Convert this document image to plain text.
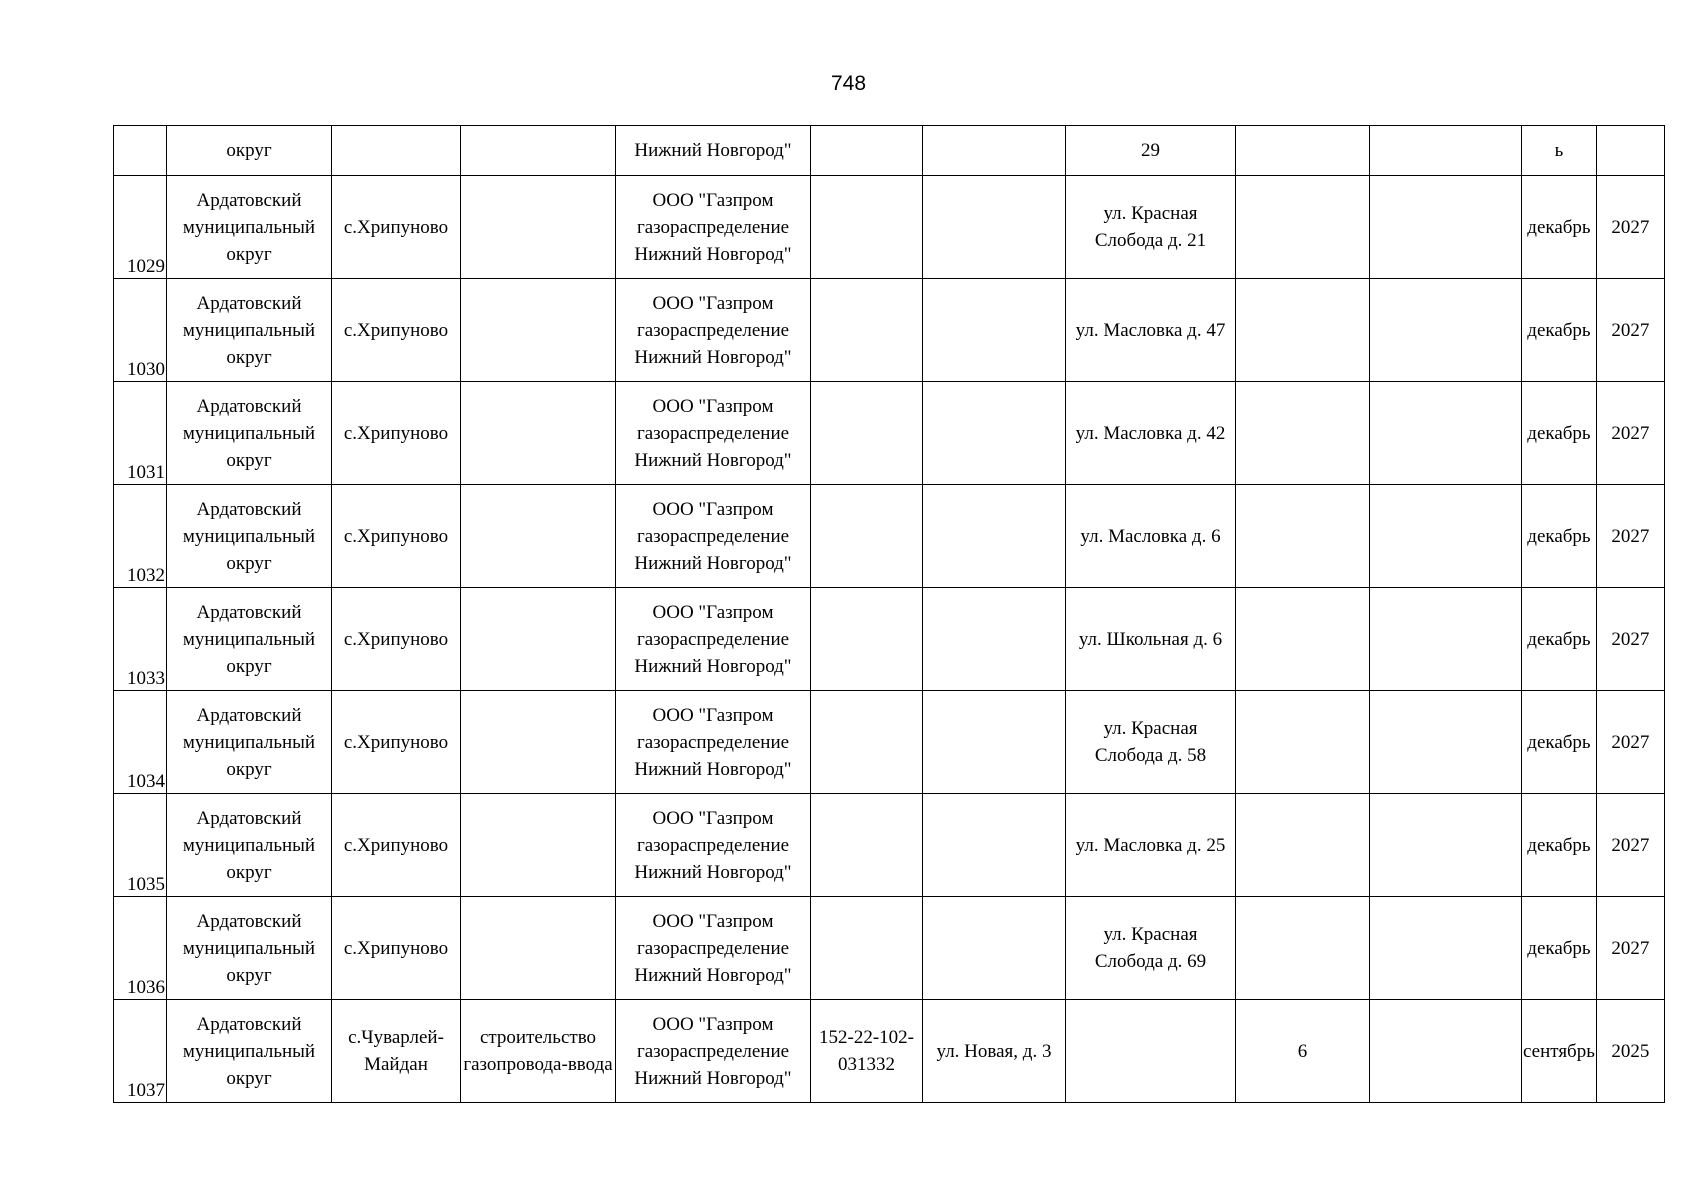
748
	округ			Нижний Новгород"			29			ь	
1029	Ардатовский муниципальный округ	с.Хрипуново		ООО "Газпром газораспределение Нижний Новгород"			ул. Красная Слобода д. 21			декабрь	2027
1030	Ардатовский муниципальный округ	с.Хрипуново		ООО "Газпром газораспределение Нижний Новгород"			ул. Масловка д. 47			декабрь	2027
1031	Ардатовский муниципальный округ	с.Хрипуново		ООО "Газпром газораспределение Нижний Новгород"			ул. Масловка д. 42			декабрь	2027
1032	Ардатовский муниципальный округ	с.Хрипуново		ООО "Газпром газораспределение Нижний Новгород"			ул. Масловка д. 6			декабрь	2027
1033	Ардатовский муниципальный округ	с.Хрипуново		ООО "Газпром газораспределение Нижний Новгород"			ул. Школьная д. 6			декабрь	2027
1034	Ардатовский муниципальный округ	с.Хрипуново		ООО "Газпром газораспределение Нижний Новгород"			ул. Красная Слобода д. 58			декабрь	2027
1035	Ардатовский муниципальный округ	с.Хрипуново		ООО "Газпром газораспределение Нижний Новгород"			ул. Масловка д. 25			декабрь	2027
1036	Ардатовский муниципальный округ	с.Хрипуново		ООО "Газпром газораспределение Нижний Новгород"			ул. Красная Слобода д. 69			декабрь	2027
1037	Ардатовский муниципальный округ	с.Чуварлей-Майдан	строительство газопровода-ввода	ООО "Газпром газораспределение Нижний Новгород"	152-22-102-031332	ул. Новая, д. 3		6		сентябрь	2025
